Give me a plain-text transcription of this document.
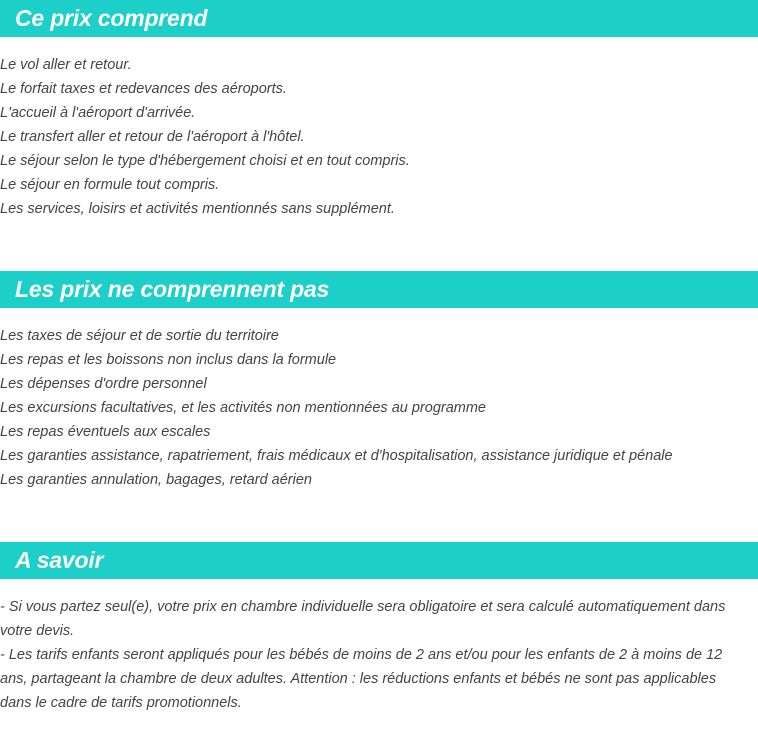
Ce prix comprend
Le vol aller et retour.
Le forfait taxes et redevances des aéroports.
L'accueil à l'aéroport d'arrivée.
Le transfert aller et retour de l'aéroport à l'hôtel.
Le séjour selon le type d'hébergement choisi et en tout compris.
Le séjour en formule tout compris.
Les services, loisirs et activités mentionnés sans supplément.
Les prix ne comprennent pas
Les taxes de séjour et de sortie du territoire
Les repas et les boissons non inclus dans la formule
Les dépenses d'ordre personnel
Les excursions facultatives, et les activités non mentionnées au programme
Les repas éventuels aux escales
Les garanties assistance, rapatriement, frais médicaux et d'hospitalisation, assistance juridique et pénale
Les garanties annulation, bagages, retard aérien
A savoir

- Si vous partez seul(e), votre prix en chambre individuelle sera obligatoire et sera calculé automatiquement dans votre devis.

- Les tarifs enfants seront appliqués pour les bébés de moins de 2 ans et/ou pour les enfants de 2 à moins de 12 ans, partageant la chambre de deux adultes. Attention : les réductions enfants et bébés ne sont pas applicables dans le cadre de tarifs promotionnels.
